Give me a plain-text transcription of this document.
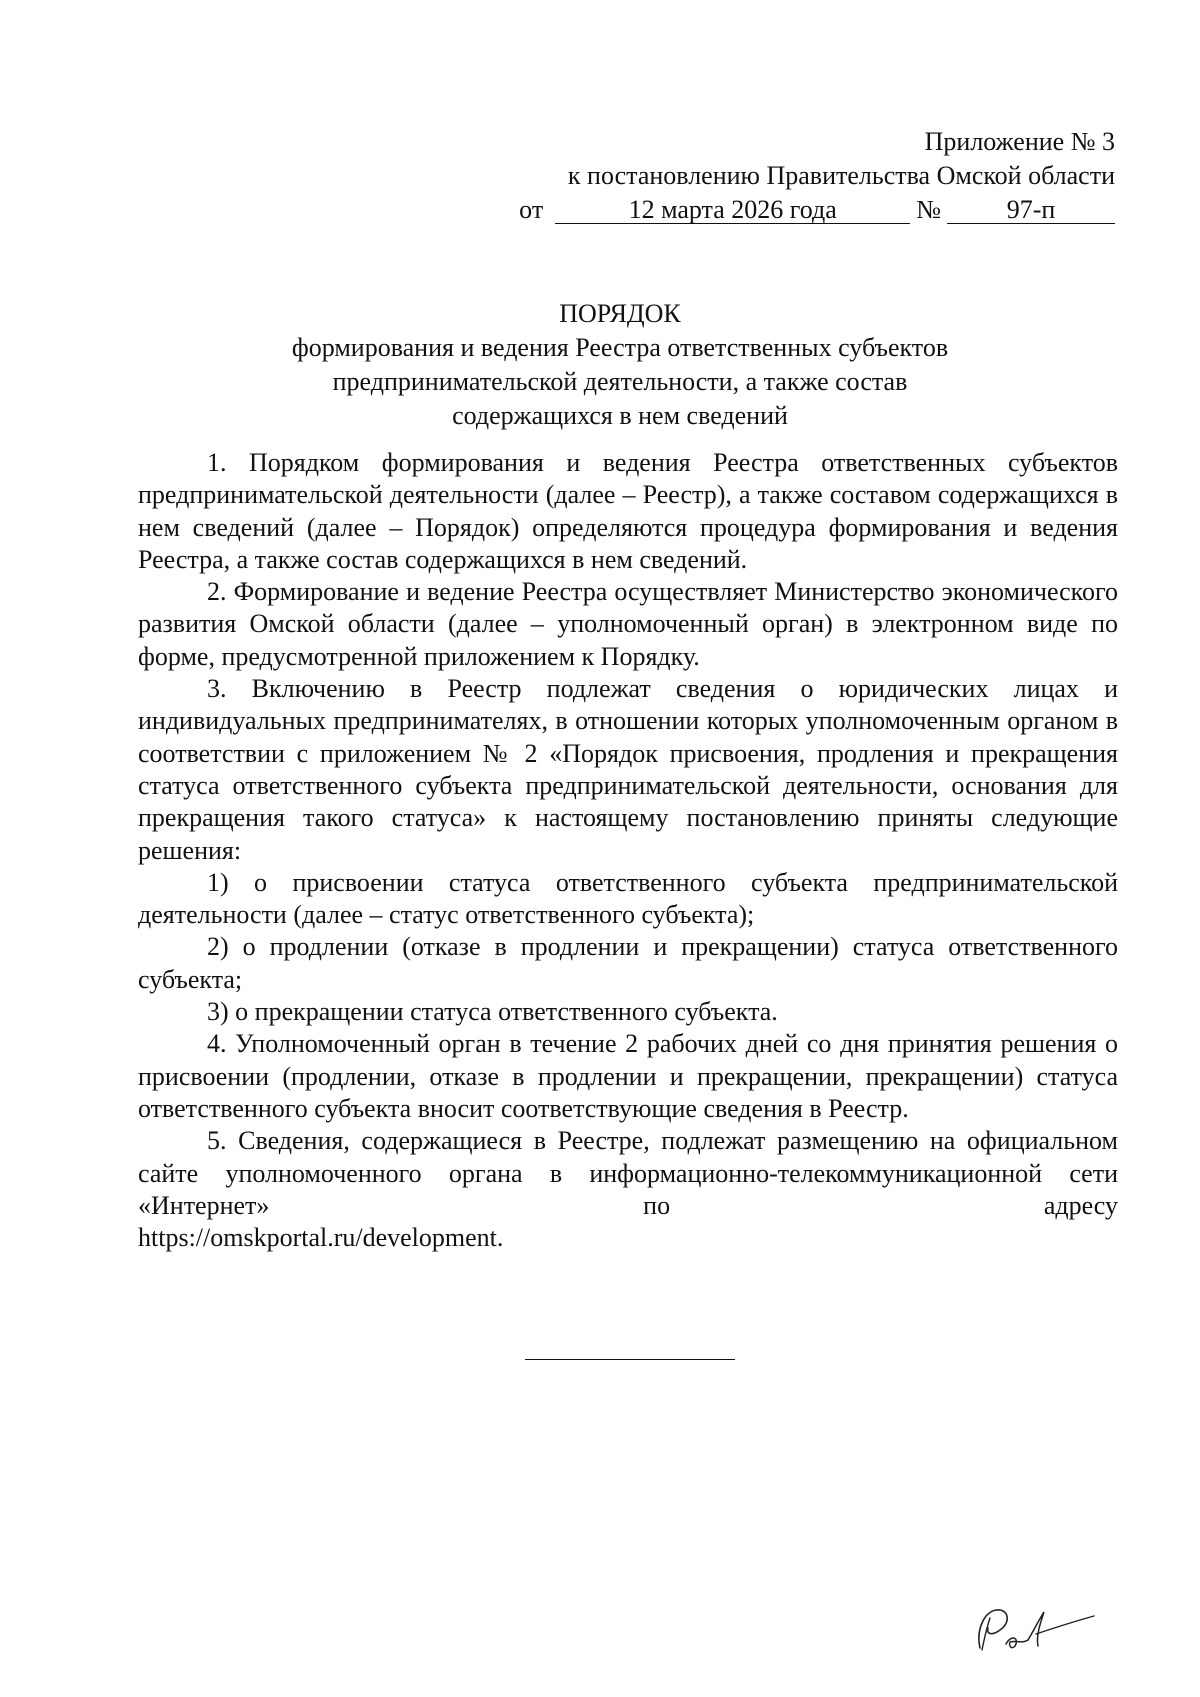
Приложение № 3
к постановлению Правительства Омской области
от	12 марта 2026 года	№	97-п
ПОРЯДОК
формирования и ведения Реестра ответственных субъектов предпринимательской деятельности, а также состав содержащихся в нем сведений

1. Порядком формирования и ведения Реестра ответственных субъектов предпринимательской деятельности (далее – Реестр), а также составом содержащихся в нем сведений (далее – Порядок) определяются процедура формирования и ведения Реестра, а также состав содержащихся в нем сведений.

2. Формирование и ведение Реестра осуществляет Министерство экономического развития Омской области (далее – уполномоченный орган) в электронном виде по форме, предусмотренной приложением к Порядку.

3. Включению в Реестр подлежат сведения о юридических лицах и индивидуальных предпринимателях, в отношении которых уполномоченным органом в соответствии с приложением № 2 «Порядок присвоения, продления и прекращения статуса ответственного субъекта предпринимательской деятельности, основания для прекращения такого статуса» к настоящему постановлению приняты следующие решения:

1) о присвоении статуса ответственного субъекта предпринимательской деятельности (далее – статус ответственного субъекта);

2) о продлении (отказе в продлении и прекращении) статуса ответственного субъекта;

3) о прекращении статуса ответственного субъекта.

4. Уполномоченный орган в течение 2 рабочих дней со дня принятия решения о присвоении (продлении, отказе в продлении и прекращении, прекращении) статуса ответственного субъекта вносит соответствующие сведения в Реестр.

5. Сведения, содержащиеся в Реестре, подлежат размещению на официальном сайте уполномоченного органа в информационно-телекоммуникационной сети «Интернет» по адресу

https://omskportal.ru/development.
